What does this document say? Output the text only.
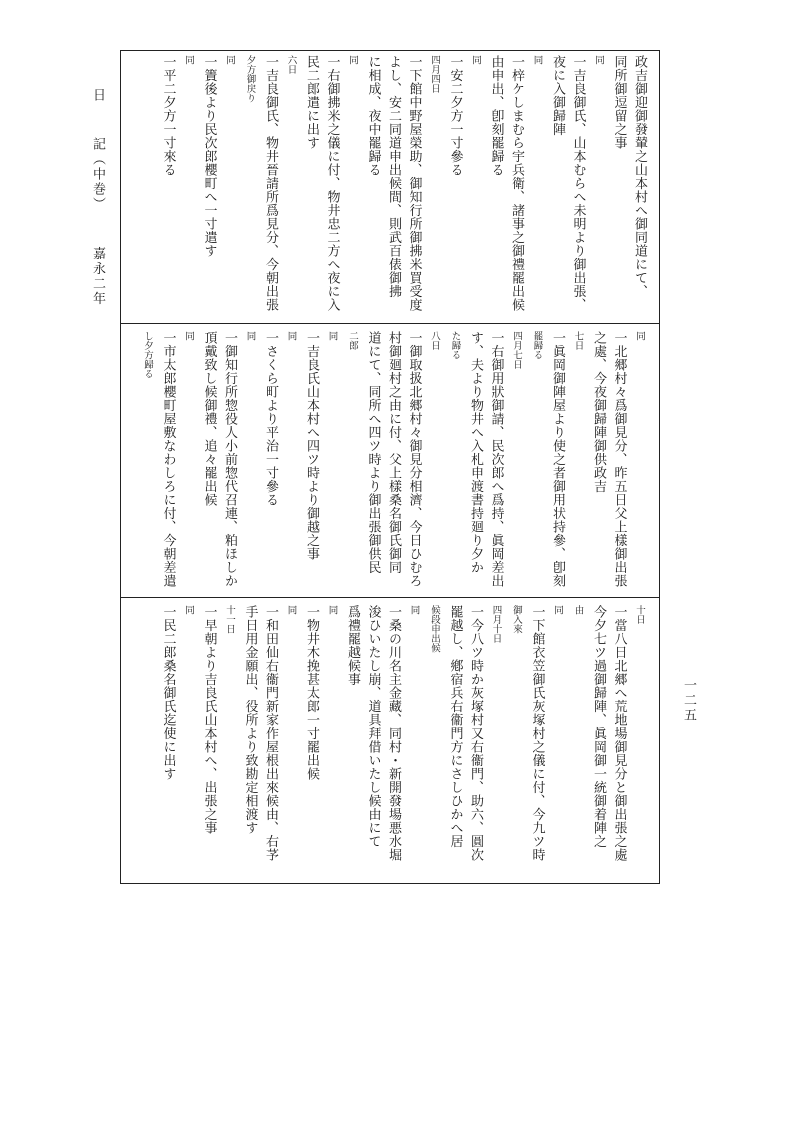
日  記（中巻）  嘉永二年
一二五
政吉御迎御發輦之山本村へ御同道にて、
同所御逗留之事
同
一吉良御氏、山本むらへ未明より御出張、
夜に入御歸陣
同
一梓ケしまむら宇兵衛、諸事之御禮罷出候
由申出、卽刻罷歸る
同
一安二夕方一寸參る
四月四日
一下館中野屋榮助、御知行所御拂米買受度
よし、安二同道申出候間、則武百俵御拂
に相成、夜中罷歸る
同
一右御拂米之儀に付、物井忠二方へ夜に入
民二郎遣に出す
六日
一吉良御氏、物井晉請所爲見分、今朝出張
夕方御戻り
同
一簀後より民次郎櫻町へ一寸遣す
同
一平二夕方一寸來る
同
一北郷村々爲御見分、昨五日父上樣御出張
之處、今夜御歸陣御供政吉
七日
一眞岡御陣屋より使之者御用状持參、卽刻
罷歸る
四月七日
一右御用狀御請、民次郎へ爲持、眞岡差出
す、夫より物井へ入札申渡書持廻り夕か
た歸る
八日
一御取扱北郷村々御見分相濟、今日ひむろ
村御廻村之由に付、父上樣桑名御氏御同
道にて、同所へ四ツ時より御出張御供民
二郎
同
一吉良氏山本村へ四ツ時より御越之事
同
一さくら町より平治一寸參る
同
一御知行所惣役人小前惣代召連、粕ほしか
頂戴致し候御禮、追々罷出候
同
一市太郎櫻町屋敷なわしろに付、今朝差遣
し夕方歸る
十日
一當八日北郷へ荒地場御見分と御出張之處
今夕七ツ過御歸陣、眞岡御一統御着陣之
由
同
一下館衣笠御氏灰塚村之儀に付、今九ツ時
御入來
四月十日
一今八ツ時か灰塚村又右衞門、助六、圓次
罷越し、鄕宿兵右衞門方にさしひかへ居
候段申出候
同
一桑の川名主金藏、同村・新開發場悪水堀
浚ひいたし崩、道具拜借いたし候由にて
爲禮罷越候事
同
一物井木挽甚太郎一寸罷出候
同
一和田仙右衞門新家作屋根出來候由、右芧
手日用金願出、役所より致勘定相渡す
十一日
一早朝より吉良氏山本村へ、出張之事
同
一民二郎桑名御氏迄使に出す
